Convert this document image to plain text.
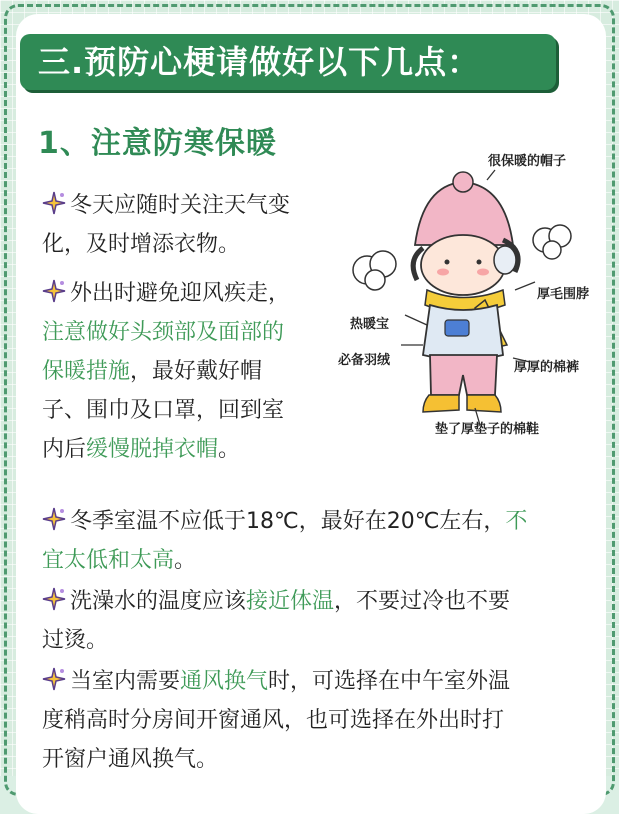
三.预防心梗请做好以下几点：
1、注意防寒保暖
冬天应随时关注天气变
化，及时增添衣物。
外出时避免迎风疾走，
注意做好头颈部及面部的
保暖措施，最好戴好帽
子、围巾及口罩，回到室
内后缓慢脱掉衣帽。
冬季室温不应低于18℃，最好在20℃左右，不
宜太低和太高。
洗澡水的温度应该接近体温，不要过冷也不要
过烫。
当室内需要通风换气时，可选择在中午室外温
度稍高时分房间开窗通风，也可选择在外出时打
开窗户通风换气。
很保暖的帽子
厚毛围脖
热暖宝
必备羽绒	厚厚的棉裤
垫了厚垫子的棉鞋
